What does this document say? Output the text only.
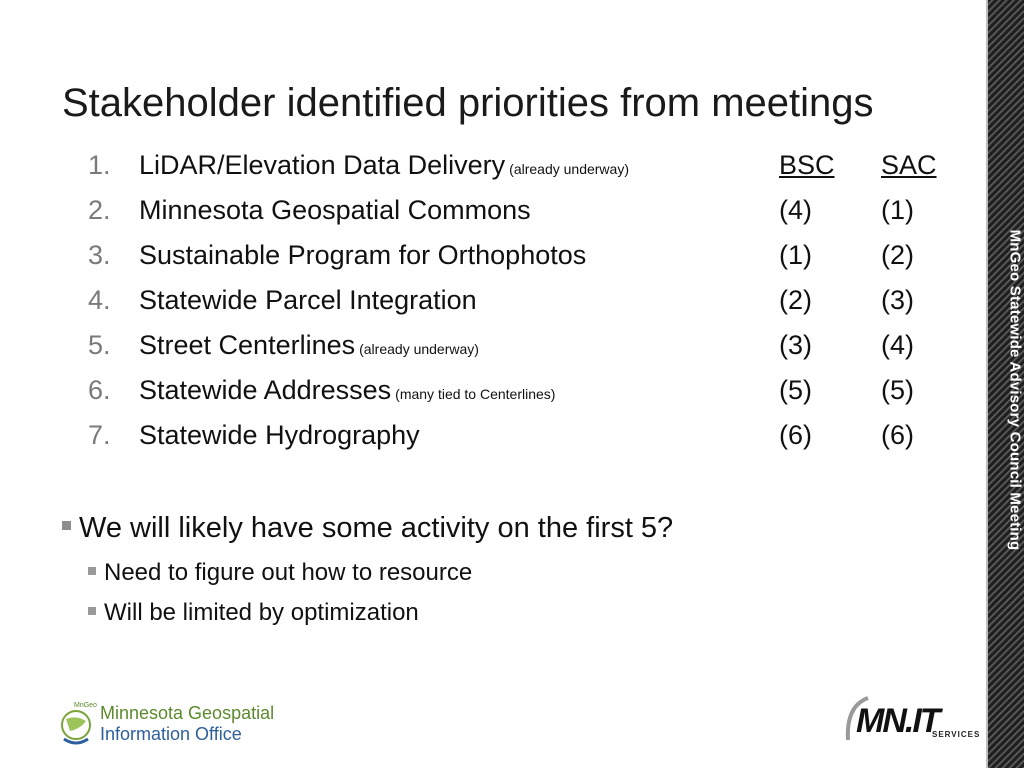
Stakeholder identified priorities from meetings
1. LiDAR/Elevation Data Delivery (already underway)	BSC SAC
2. Minnesota Geospatial Commons	(4)	(1)
3. Sustainable Program for Orthophotos	(1)	(2)
4. Statewide Parcel Integration	(2)	(3)
5. Street Centerlines (already underway)	(3)	(4)
6. Statewide Addresses (many tied to Centerlines)	(5)	(5)
7. Statewide Hydrography	(6)	(6)
We will likely have some activity on the first 5?
Need to figure out how to resource
Will be limited by optimization
MnGeo Statewide Advisory Council Meeting
MnGeo Minnesota Geospatial
Information Office	MN.IT
SERVICES
